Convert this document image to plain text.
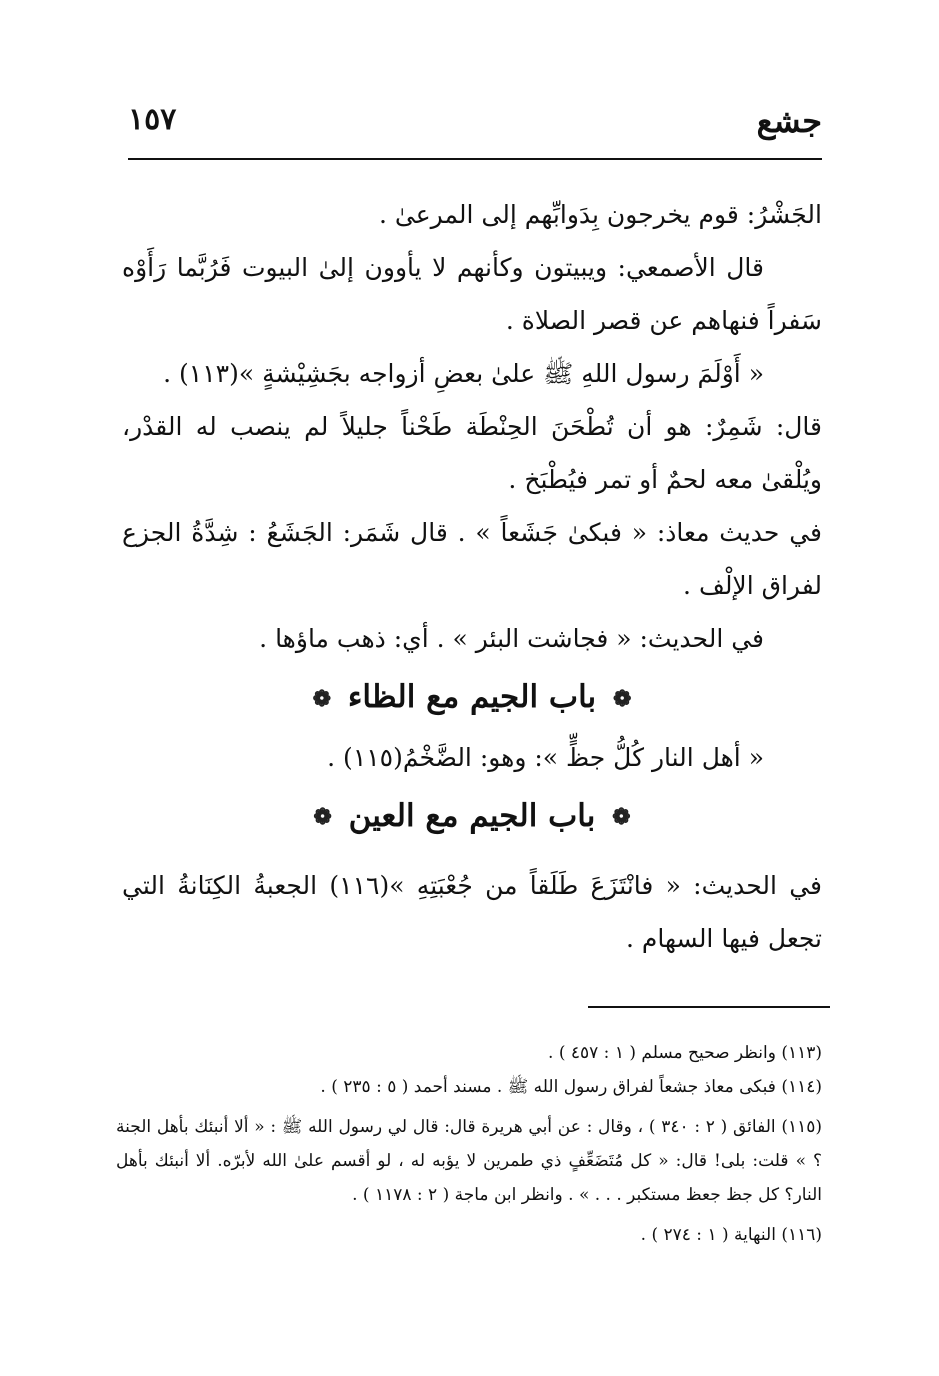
١٥٧	جشع

الجَشْرُ: قوم يخرجون بِدَوابِّهم إلى المرعىٰ .

قال الأصمعي: ويبيتون وكأنهم لا يأوون إلىٰ البيوت فَرُبَّما رَأَوْه سَفراً فنهاهم عن قصر الصلاة .

« أَوْلَمَ رسول اللهِ ﷺ علىٰ بعضِ أزواجه بجَشِيْشةٍ »(١١٣) .

قال: شَمِرٌ: هو أن تُطْحَنَ الحِنْطَة طَحْناً جليلاً لم ينصب له القدْر، ويُلْقىٰ معه لحمٌ أو تمر فيُطْبَخ .

في حديث معاذ: « فبكىٰ جَشَعاً » . قال شَمَر: الجَشَعُ : شِدَّةُ الجزع لفراق الإلْف .

في الحديث: « فجاشت البئر » . أي: ذهب ماؤها .

❁ باب الجيم مع الظاء ❁

« أهل النار كُلُّ جظٍّ »: وهو: الضَّخْمُ(١١٥) .

❁ باب الجيم مع العين ❁

في الحديث: « فانْتَزَعَ طَلَقاً من جُعْبَتِهِ »(١١٦) الجعبةُ الكِنَانةُ التي تجعل فيها السهام .

(١١٣) وانظر صحيح مسلم ( ١ : ٤٥٧ ) .

(١١٤) فبكى معاذ جشعاً لفراق رسول الله ﷺ . مسند أحمد ( ٥ : ٢٣٥ ) .

(١١٥) الفائق ( ٢ : ٣٤٠ ) ، وقال : عن أبي هريرة قال: قال لي رسول الله ﷺ : « ألا أنبئك بأهل الجنة ؟ » قلت: بلى! قال: « كل مُتَضَعِّفٍ ذي طمرين لا يؤبه له ، لو أقسم علىٰ الله لأبرّه. ألا أنبئك بأهل النار؟ كل جظ جعظ مستكبر . . . » . وانظر ابن ماجة ( ٢ : ١١٧٨ ) .

(١١٦) النهاية ( ١ : ٢٧٤ ) .
